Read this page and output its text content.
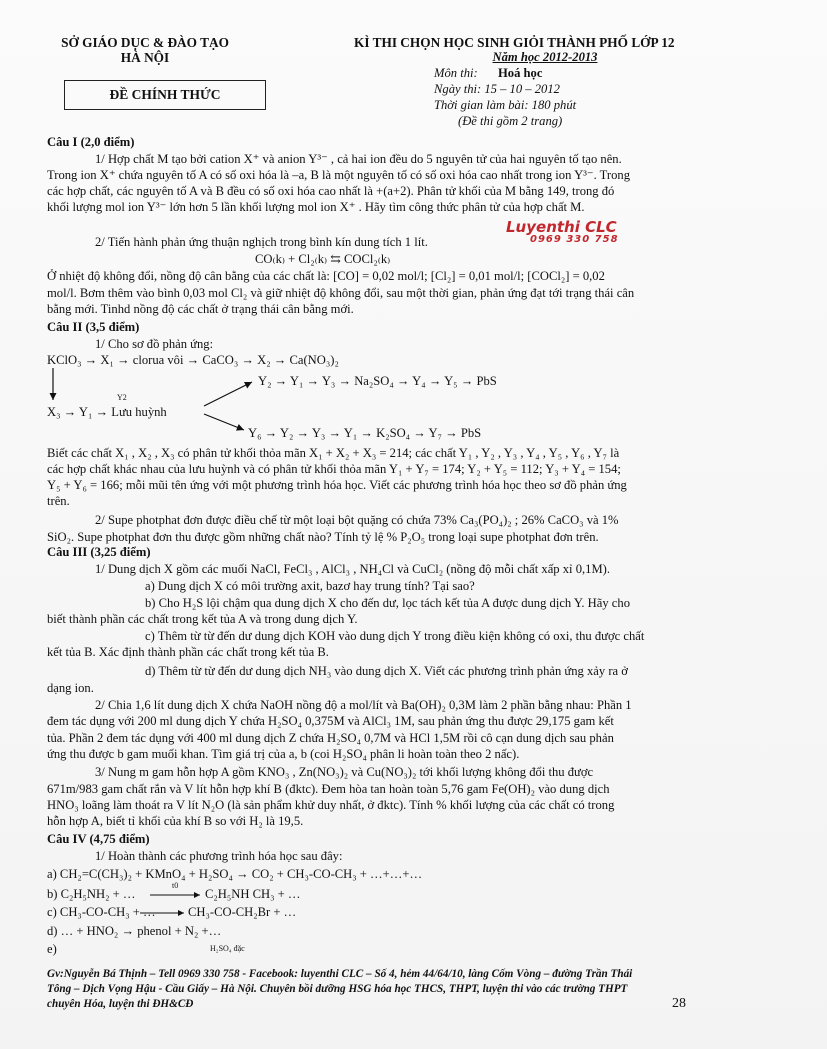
SỞ GIÁO DỤC & ĐÀO TẠO
HÀ NỘI
KÌ THI CHỌN HỌC SINH GIỎI THÀNH PHỐ LỚP 12
Năm học 2012-2013
Môn thi: Hoá học
Ngày thi: 15 – 10 – 2012
Thời gian làm bài: 180 phút
(Đề thi gồm 2 trang)
ĐỀ CHÍNH THỨC
Câu I (2,0 điểm)
1/ Hợp chất M tạo bởi cation X⁺ và anion Y³⁻ , cả hai ion đều do 5 nguyên tử của hai nguyên tố tạo nên.
Trong ion X⁺ chứa nguyên tố A có số oxi hóa là –a, B là một nguyên tố có số oxi hóa cao nhất trong ion Y³⁻. Trong
các hợp chất, các nguyên tố A và B đều có số oxi hóa cao nhất là +(a+2). Phân tử khối của M bằng 149, trong đó
khối lượng mol ion Y³⁻ lớn hơn 5 lần khối lượng mol ion X⁺ . Hãy tìm công thức phân tử của hợp chất M.
2/ Tiến hành phản ứng thuận nghịch trong bình kín dung tích 1 lít.
Luyenthi CLC
0969 330 758
CO₍k₎ + Cl₂₍k₎ ⇆ COCl₂₍k₎
Ở nhiệt độ không đổi, nồng độ cân bằng của các chất là: [CO] = 0,02 mol/l; [Cl₂] = 0,01 mol/l; [COCl₂] = 0,02
mol/l. Bơm thêm vào bình 0,03 mol Cl₂ và giữ nhiệt độ không đổi, sau một thời gian, phản ứng đạt tới trạng thái cân
bằng mới. Tinhd nồng độ các chất ở trạng thái cân bằng mới.
Câu II (3,5 điểm)
1/ Cho sơ đồ phản ứng:
KClO₃ → X₁ → clorua vôi → CaCO₃ → X₂ → Ca(NO₃)₂
Y₂ → Y₁ → Y₃ → Na₂SO₄ → Y₄ → Y₅ → PbS
Y2
X₃ → Y₁ → Lưu huỳnh
Y₆ → Y₂ → Y₃ → Y₁ → K₂SO₄ → Y₇ → PbS
Biết các chất X₁ , X₂ , X₃ có phân tử khối thỏa mãn X₁ + X₂ + X₃ = 214; các chất Y₁ , Y₂ , Y₃ , Y₄ , Y₅ , Y₆ , Y₇ là
các hợp chất khác nhau của lưu huỳnh và có phân tử khối thỏa mãn Y₁ + Y₇ = 174; Y₂ + Y₅ = 112; Y₃ + Y₄ = 154;
Y₅ + Y₆ = 166; mỗi mũi tên ứng với một phương trình hóa học. Viết các phương trình hóa học theo sơ đồ phản ứng
trên.
2/ Supe photphat đơn được điều chế từ một loại bột quặng có chứa 73% Ca₃(PO₄)₂ ; 26% CaCO₃ và 1%
SiO₂. Supe photphat đơn thu được gồm những chất nào? Tính tỷ lệ % P₂O₅ trong loại supe photphat đơn trên.
Câu III (3,25 điểm)
1/ Dung dịch X gồm các muối NaCl, FeCl₃ , AlCl₃ , NH₄Cl và CuCl₂ (nồng độ mỗi chất xấp xỉ 0,1M).
a) Dung dịch X có môi trường axit, bazơ hay trung tính? Tại sao?
b) Cho H₂S lội chậm qua dung dịch X cho đến dư, lọc tách kết tủa A được dung dịch Y. Hãy cho
biết thành phần các chất trong kết tủa A và trong dung dịch Y.
c) Thêm từ từ đến dư dung dịch KOH vào dung dịch Y trong điều kiện không có oxi, thu được chất
kết tủa B. Xác định thành phần các chất trong kết tủa B.
d) Thêm từ từ đến dư dung dịch NH₃ vào dung dịch X. Viết các phương trình phản ứng xảy ra ở
dạng ion.
2/ Chia 1,6 lít dung dịch X chứa NaOH nồng độ a mol/lít và Ba(OH)₂ 0,3M làm 2 phần bằng nhau: Phần 1
đem tác dụng với 200 ml dung dịch Y chứa H₂SO₄ 0,375M và AlCl₃ 1M, sau phản ứng thu được 29,175 gam kết
tủa. Phần 2 đem tác dụng với 400 ml dung dịch Z chứa H₂SO₄ 0,7M và HCl 1,5M rồi cô cạn dung dịch sau phản
ứng thu được b gam muối khan. Tìm giá trị của a, b (coi H₂SO₄ phân li hoàn toàn theo 2 nấc).
3/ Nung m gam hỗn hợp A gồm KNO₃ , Zn(NO₃)₂ và Cu(NO₃)₂ tới khối lượng không đổi thu được
671m/983 gam chất rắn và V lít hỗn hợp khí B (đktc). Đem hòa tan hoàn toàn 5,76 gam Fe(OH)₂ vào dung dịch
HNO₃ loãng làm thoát ra V lít N₂O (là sản phẩm khử duy nhất, ở đktc). Tính % khối lượng của các chất có trong
hỗn hợp A, biết tỉ khối của khí B so với H₂ là 19,5.
Câu IV (4,75 điểm)
1/ Hoàn thành các phương trình hóa học sau đây:
a) CH₂=C(CH₃)₂ + KMnO₄ + H₂SO₄ → CO₂ + CH₃-CO-CH₃ + …+…+…
b) C₂H₅NH₂ + …
t0
C₂H₅NH CH₃ + …
c) CH₃-CO-CH₃ + …	CH₃-CO-CH₂Br + …
d) … + HNO₂ → phenol + N₂ +…
e)	H₂SO₄ đặc
Gv:Nguyễn Bá Thịnh – Tell 0969 330 758 - Facebook: luyenthi CLC – Số 4, hẻm 44/64/10, làng Cốm Vòng – đường Trần Thái
Tông – Dịch Vọng Hậu - Cầu Giấy – Hà Nội. Chuyên bồi dưỡng HSG hóa học THCS, THPT, luyện thi vào các trường THPT
chuyên Hóa, luyện thi ĐH&CĐ	28
